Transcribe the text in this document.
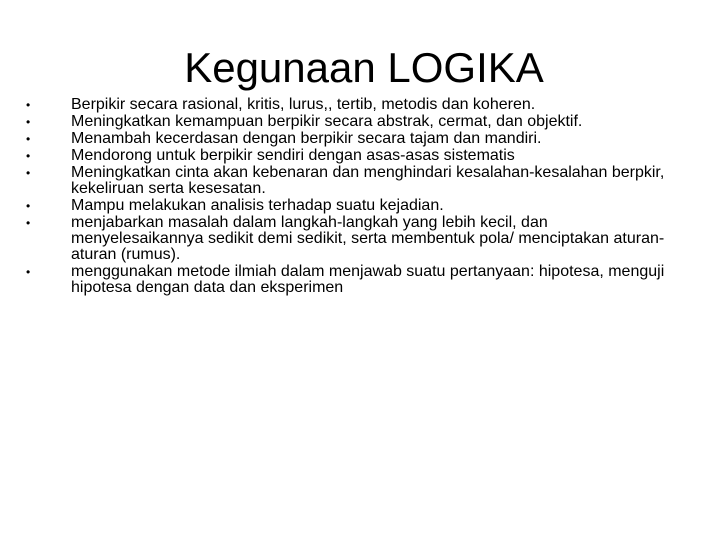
Kegunaan LOGIKA
•	Berpikir secara rasional, kritis, lurus,, tertib, metodis dan koheren.
•	Meningkatkan kemampuan berpikir secara abstrak, cermat, dan objektif.
•	Menambah kecerdasan dengan berpikir secara tajam dan mandiri.
•	Mendorong untuk berpikir sendiri dengan asas-asas sistematis
•	Meningkatkan cinta akan kebenaran dan menghindari kesalahan-kesalahan berpkir, kekeliruan serta kesesatan.
•	Mampu melakukan analisis terhadap suatu kejadian.
•	menjabarkan masalah dalam langkah-langkah yang lebih kecil, dan menyelesaikannya sedikit demi sedikit, serta membentuk pola/ menciptakan aturan-aturan (rumus).
•	menggunakan metode ilmiah dalam menjawab suatu pertanyaan: hipotesa, menguji hipotesa dengan data dan eksperimen
